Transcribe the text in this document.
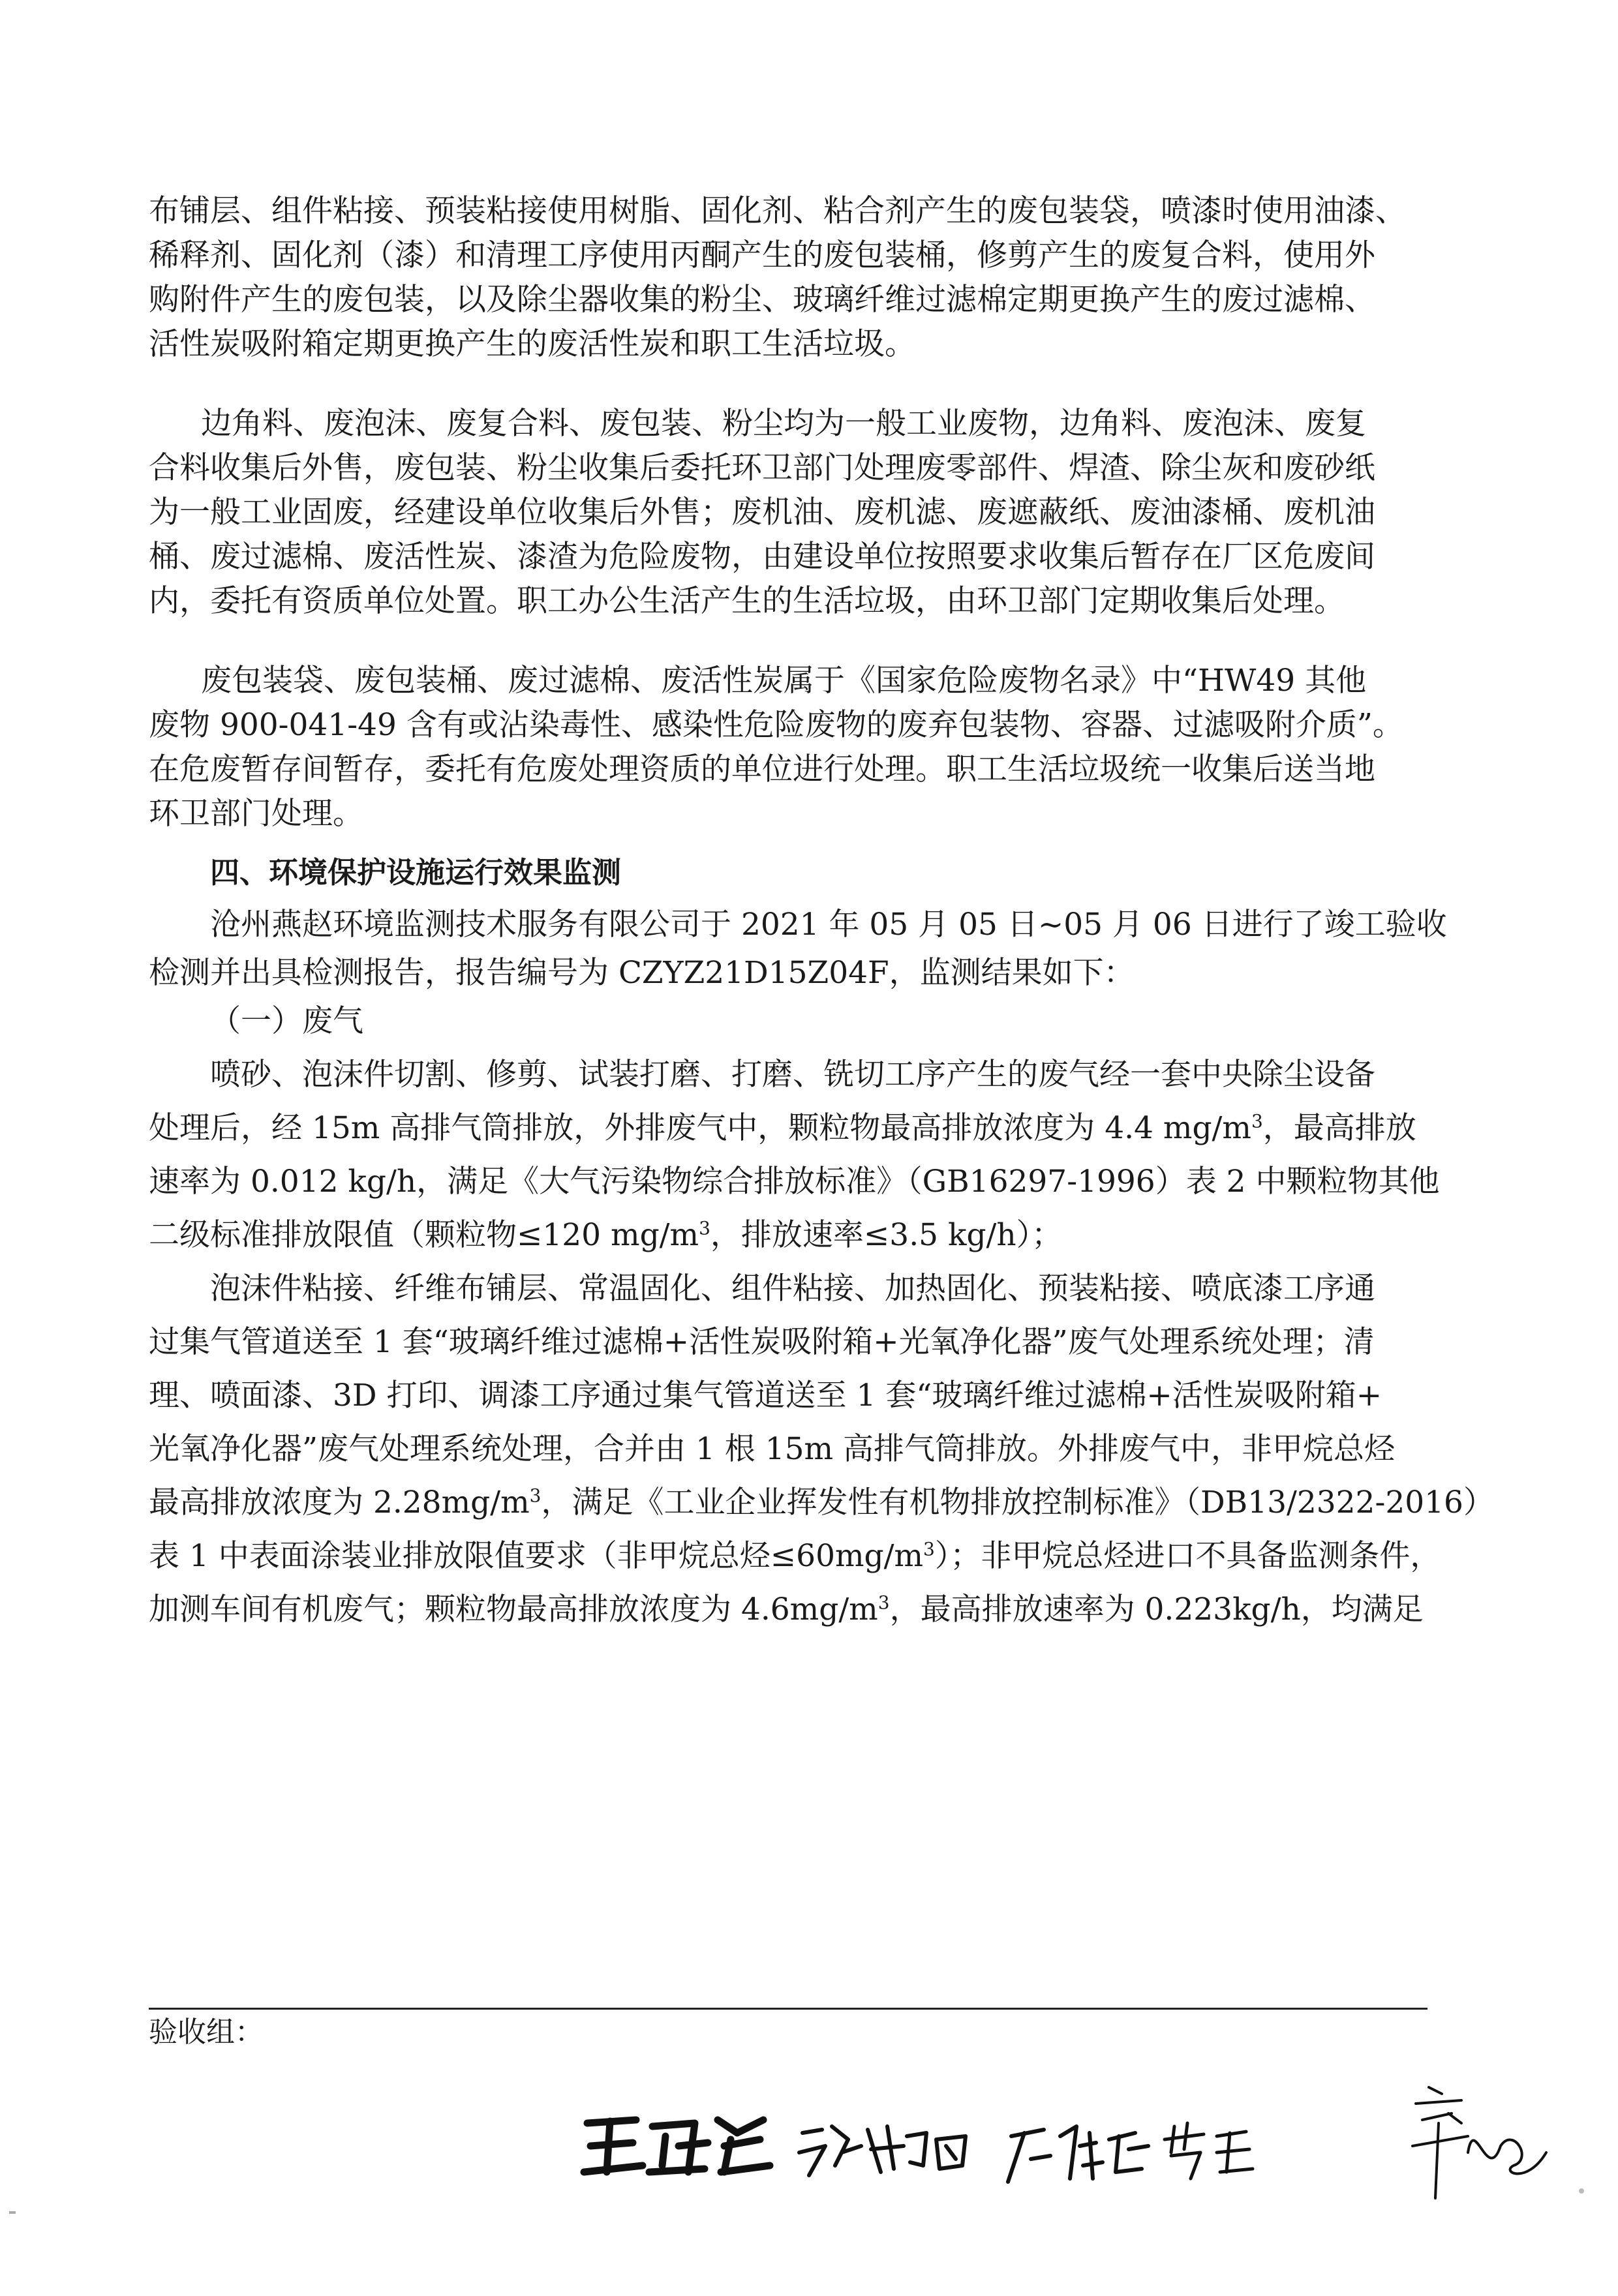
布铺层、组件粘接、预装粘接使用树脂、固化剂、粘合剂产生的废包装袋，喷漆时使用油漆、
稀释剂、固化剂（漆）和清理工序使用丙酮产生的废包装桶，修剪产生的废复合料，使用外
购附件产生的废包装，以及除尘器收集的粉尘、玻璃纤维过滤棉定期更换产生的废过滤棉、
活性炭吸附箱定期更换产生的废活性炭和职工生活垃圾。
边角料、废泡沫、废复合料、废包装、粉尘均为一般工业废物，边角料、废泡沫、废复
合料收集后外售，废包装、粉尘收集后委托环卫部门处理废零部件、焊渣、除尘灰和废砂纸
为一般工业固废，经建设单位收集后外售；废机油、废机滤、废遮蔽纸、废油漆桶、废机油
桶、废过滤棉、废活性炭、漆渣为危险废物，由建设单位按照要求收集后暂存在厂区危废间
内，委托有资质单位处置。职工办公生活产生的生活垃圾，由环卫部门定期收集后处理。
废包装袋、废包装桶、废过滤棉、废活性炭属于《国家危险废物名录》中“HW49 其他
废物 900-041-49 含有或沾染毒性、感染性危险废物的废弃包装物、容器、过滤吸附介质”。
在危废暂存间暂存，委托有危废处理资质的单位进行处理。职工生活垃圾统一收集后送当地
环卫部门处理。
四、环境保护设施运行效果监测
沧州燕赵环境监测技术服务有限公司于 2021 年 05 月 05 日~05 月 06 日进行了竣工验收
检测并出具检测报告，报告编号为 CZYZ21D15Z04F，监测结果如下：
（一）废气
喷砂、泡沫件切割、修剪、试装打磨、打磨、铣切工序产生的废气经一套中央除尘设备
处理后，经 15m 高排气筒排放，外排废气中，颗粒物最高排放浓度为 4.4 $mg/m^3$，最高排放
速率为 0.012 kg/h，满足《大气污染物综合排放标准》（GB16297-1996）表 2 中颗粒物其他
二级标准排放限值（颗粒物≤120 $mg/m^3$，排放速率≤3.5 kg/h）；
泡沫件粘接、纤维布铺层、常温固化、组件粘接、加热固化、预装粘接、喷底漆工序通
过集气管道送至 1 套“玻璃纤维过滤棉+活性炭吸附箱+光氧净化器”废气处理系统处理；清
理、喷面漆、3D 打印、调漆工序通过集气管道送至 1 套“玻璃纤维过滤棉+活性炭吸附箱+
光氧净化器”废气处理系统处理，合并由 1 根 15m 高排气筒排放。外排废气中，非甲烷总烃
最高排放浓度为 $2.28mg/m^3$，满足《工业企业挥发性有机物排放控制标准》（DB13/2322-2016）
表 1 中表面涂装业排放限值要求（非甲烷总烃$\le 60mg/m^3$）；非甲烷总烃进口不具备监测条件，
加测车间有机废气；颗粒物最高排放浓度为 $4.6mg/m^3$，最高排放速率为 0.223kg/h，均满足
验收组：
